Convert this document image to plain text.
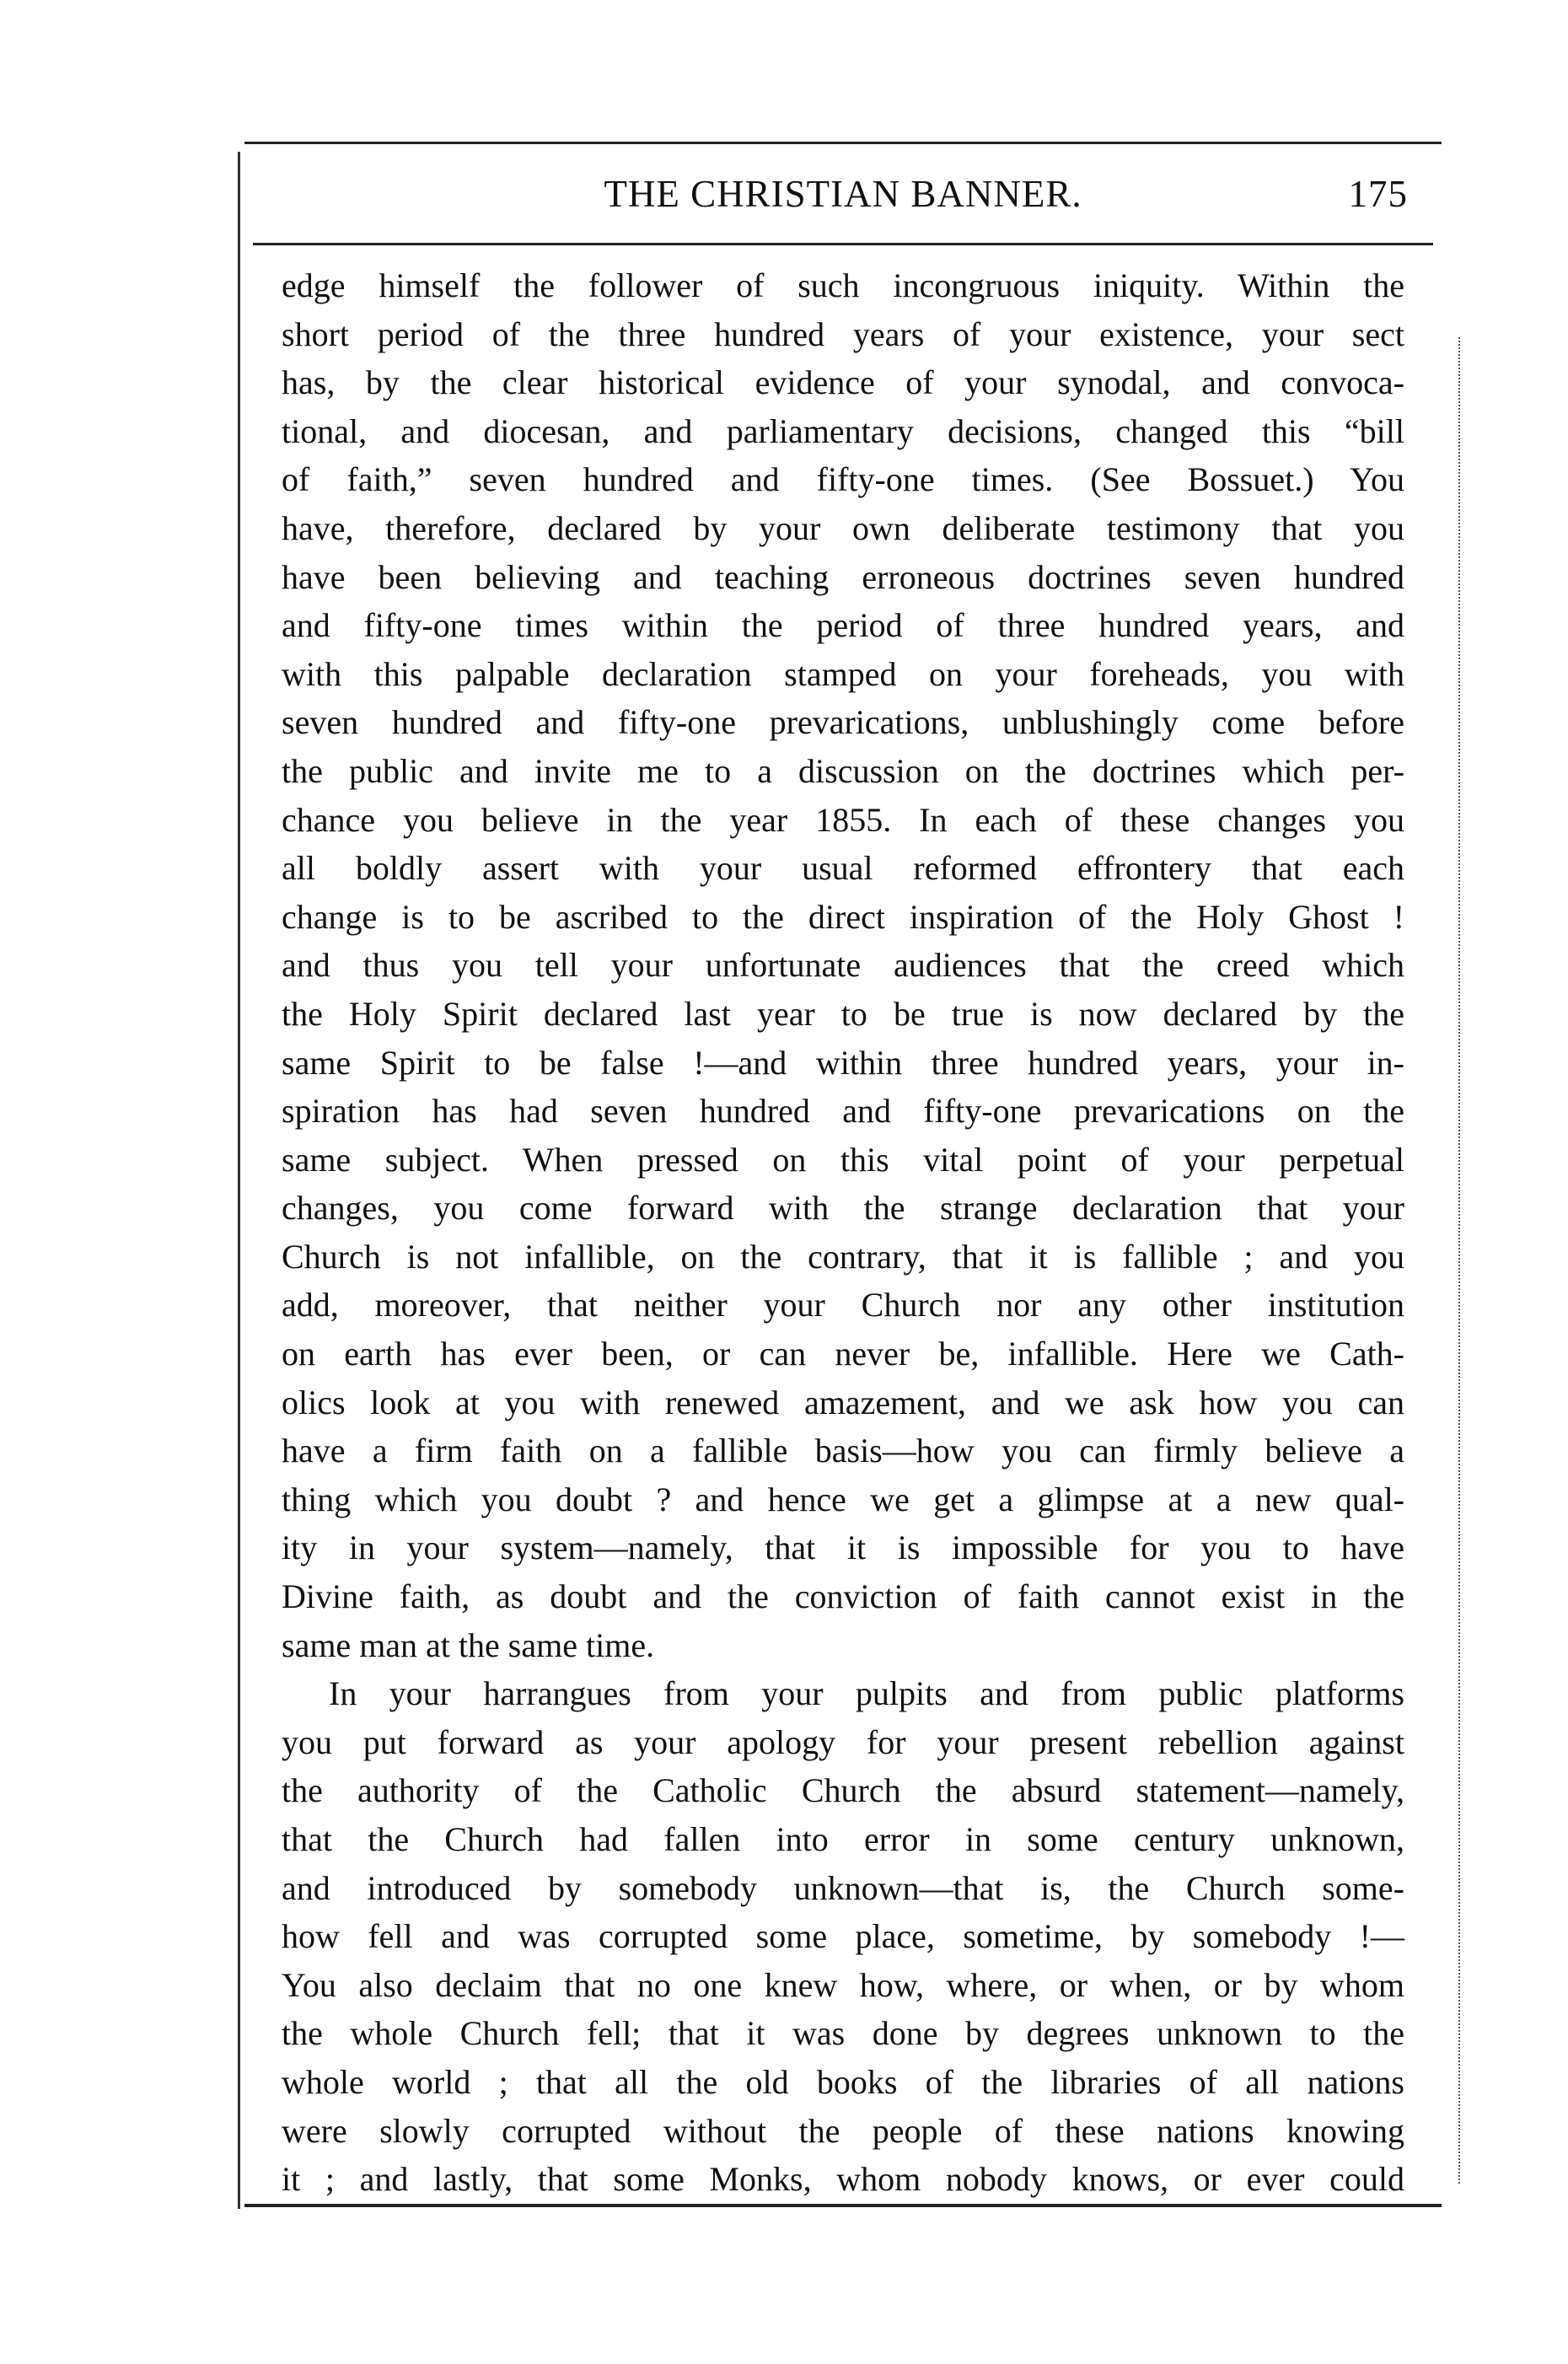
THE CHRISTIAN BANNER.	175
edge himself the follower of such incongruous iniquity. Within the
short period of the three hundred years of your existence, your sect
has, by the clear historical evidence of your synodal, and convoca-
tional, and diocesan, and parliamentary decisions, changed this “bill
of faith,” seven hundred and fifty-one times. (See Bossuet.) You
have, therefore, declared by your own deliberate testimony that you
have been believing and teaching erroneous doctrines seven hundred
and fifty-one times within the period of three hundred years, and
with this palpable declaration stamped on your foreheads, you with
seven hundred and fifty-one prevarications, unblushingly come before
the public and invite me to a discussion on the doctrines which per-
chance you believe in the year 1855. In each of these changes you
all boldly assert with your usual reformed effrontery that each
change is to be ascribed to the direct inspiration of the Holy Ghost !
and thus you tell your unfortunate audiences that the creed which
the Holy Spirit declared last year to be true is now declared by the
same Spirit to be false !—and within three hundred years, your in-
spiration has had seven hundred and fifty-one prevarications on the
same subject. When pressed on this vital point of your perpetual
changes, you come forward with the strange declaration that your
Church is not infallible, on the contrary, that it is fallible ; and you
add, moreover, that neither your Church nor any other institution
on earth has ever been, or can never be, infallible. Here we Cath-
olics look at you with renewed amazement, and we ask how you can
have a firm faith on a fallible basis—how you can firmly believe a
thing which you doubt ? and hence we get a glimpse at a new qual-
ity in your system—namely, that it is impossible for you to have
Divine faith, as doubt and the conviction of faith cannot exist in the
same man at the same time.
In your harrangues from your pulpits and from public platforms
you put forward as your apology for your present rebellion against
the authority of the Catholic Church the absurd statement—namely,
that the Church had fallen into error in some century unknown,
and introduced by somebody unknown—that is, the Church some-
how fell and was corrupted some place, sometime, by somebody !—
You also declaim that no one knew how, where, or when, or by whom
the whole Church fell; that it was done by degrees unknown to the
whole world ; that all the old books of the libraries of all nations
were slowly corrupted without the people of these nations knowing
it ; and lastly, that some Monks, whom nobody knows, or ever could
